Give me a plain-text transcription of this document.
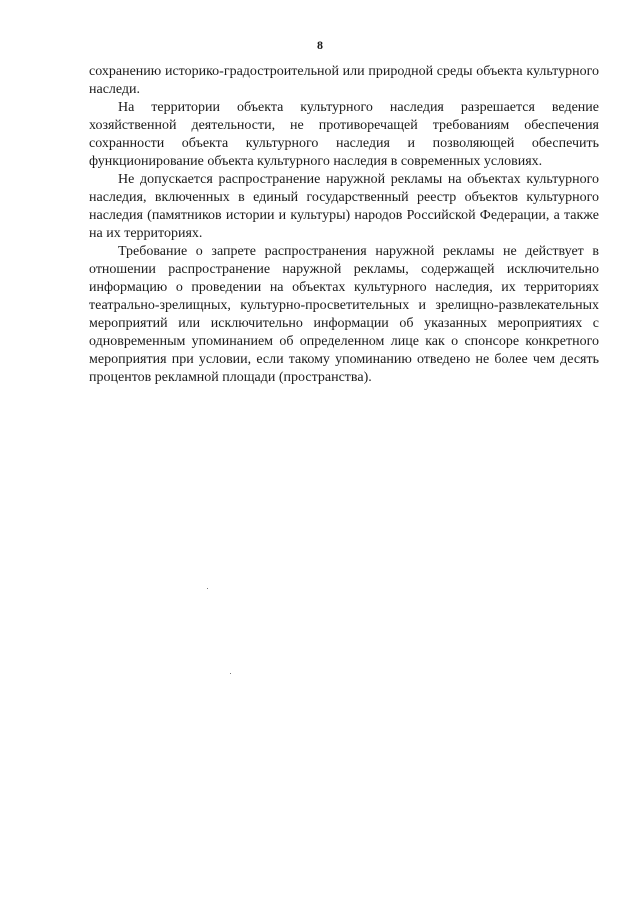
8

сохранению историко-градостроительной или природной среды объекта культурного наследи.

На территории объекта культурного наследия разрешается ведение хозяйственной деятельности, не противоречащей требованиям обеспечения сохранности объекта культурного наследия и позволяющей обеспечить функционирование объекта культурного наследия в современных условиях.

Не допускается распространение наружной рекламы на объектах культурного наследия, включенных в единый государственный реестр объектов культурного наследия (памятников истории и культуры) народов Российской Федерации, а также на их территориях.

Требование о запрете распространения наружной рекламы не действует в отношении распространение наружной рекламы, содержащей исключительно информацию о проведении на объектах культурного наследия, их территориях театрально-зрелищных, культурно-просветительных и зрелищно-развлекательных мероприятий или исключительно информации об указанных мероприятиях с одновременным упоминанием об определенном лице как о спонсоре конкретного мероприятия при условии, если такому упоминанию отведено не более чем десять процентов рекламной площади (пространства).
